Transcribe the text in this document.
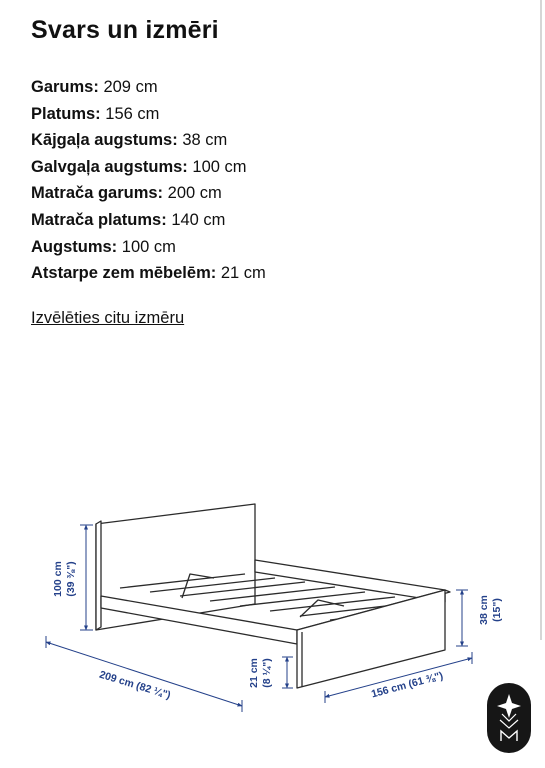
Svars un izmēri
Garums: 209 cm
Platums: 156 cm
Kājgaļa augstums: 38 cm
Galvgaļa augstums: 100 cm
Matrača garums: 200 cm
Matrača platums: 140 cm
Augstums: 100 cm
Atstarpe zem mēbelēm: 21 cm
Izvēlēties citu izmēru
100 cm (39 ⅜")
209 cm (82 ¼")	21 cm (8 ¼")	156 cm (61 ⅜")
38 cm (15")
